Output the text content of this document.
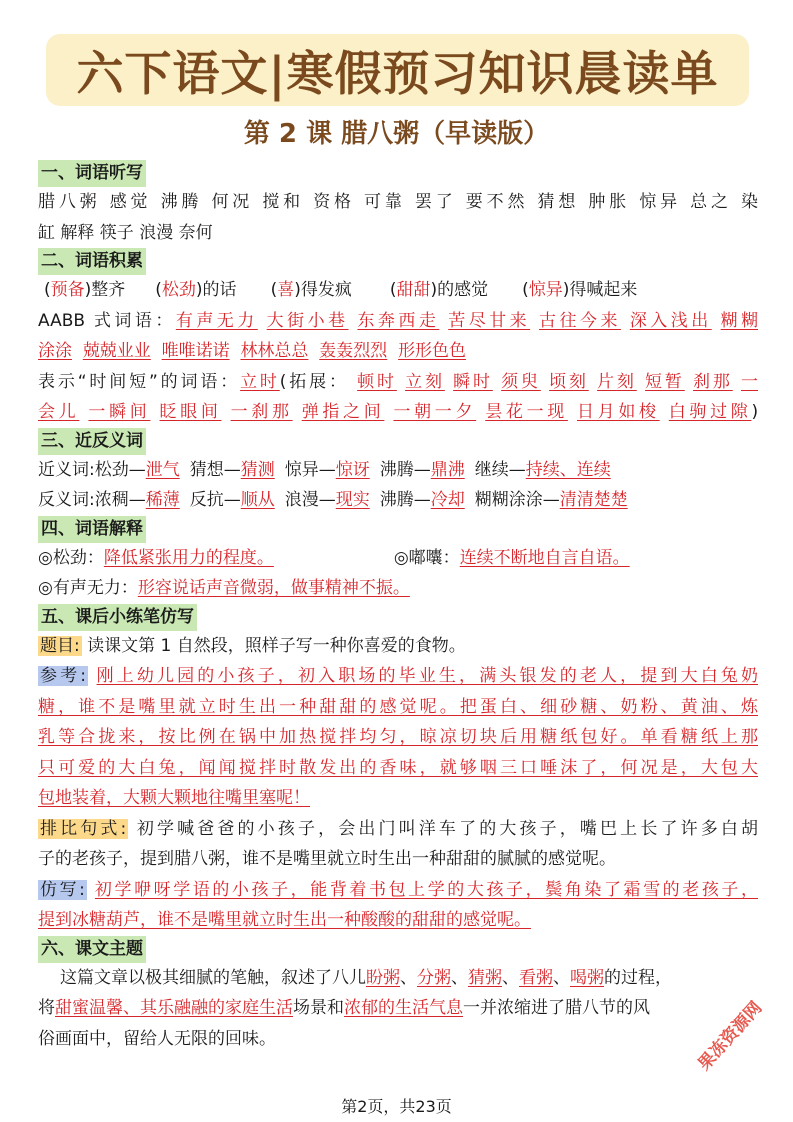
六下语文|寒假预习知识晨读单
第 2 课 腊八粥（早读版）
一、词语听写
腊八粥 感觉 沸腾 何况 搅和 资格 可靠 罢了 要不然 猜想 肿胀 惊异 总之 染
缸 解释 筷子 浪漫 奈何
二、词语积累
(预备)整齐 (松劲)的话 (喜)得发疯 (甜甜)的感觉 (惊异)得喊起来
AABB 式词语：有声无力 大街小巷 东奔西走 苦尽甘来 古往今来 深入浅出 糊糊
涂涂 兢兢业业 唯唯诺诺 林林总总 轰轰烈烈 形形色色
表示“时间短”的词语：立时(拓展： 顿时 立刻 瞬时 须臾 顷刻 片刻 短暂 刹那 一
会儿 一瞬间 眨眼间 一刹那 弹指之间 一朝一夕 昙花一现 日月如梭 白驹过隙)
三、近反义词
近义词:松劲—泄气 猜想—猜测 惊异—惊讶 沸腾—鼎沸 继续—持续、连续
反义词:浓稠—稀薄 反抗—顺从 浪漫—现实 沸腾—冷却 糊糊涂涂—清清楚楚
四、词语解释
◎松劲：降低紧张用力的程度。	◎嘟囔：连续不断地自言自语。
◎有声无力：形容说话声音微弱，做事精神不振。
五、课后小练笔仿写
题目: 读课文第 1 自然段，照样子写一种你喜爱的食物。
参考: 刚上幼儿园的小孩子，初入职场的毕业生，满头银发的老人，提到大白兔奶
糖，谁不是嘴里就立时生出一种甜甜的感觉呢。把蛋白、细砂糖、奶粉、黄油、炼
乳等合拢来，按比例在锅中加热搅拌均匀，晾凉切块后用糖纸包好。单看糖纸上那
只可爱的大白兔，闻闻搅拌时散发出的香味，就够咽三口唾沫了，何况是，大包大
包地装着，大颗大颗地往嘴里塞呢！
排比句式: 初学喊爸爸的小孩子，会出门叫洋车了的大孩子，嘴巴上长了许多白胡
子的老孩子，提到腊八粥，谁不是嘴里就立时生出一种甜甜的腻腻的感觉呢。
仿写: 初学咿呀学语的小孩子，能背着书包上学的大孩子，鬓角染了霜雪的老孩子，
提到冰糖葫芦，谁不是嘴里就立时生出一种酸酸的甜甜的感觉呢。
六、课文主题
这篇文章以极其细腻的笔触，叙述了八儿盼粥、分粥、猜粥、看粥、喝粥的过程，
将甜蜜温馨、其乐融融的家庭生活场景和浓郁的生活气息一并浓缩进了腊八节的风
俗画面中，留给人无限的回味。	果冻资源网
第2页，共23页
